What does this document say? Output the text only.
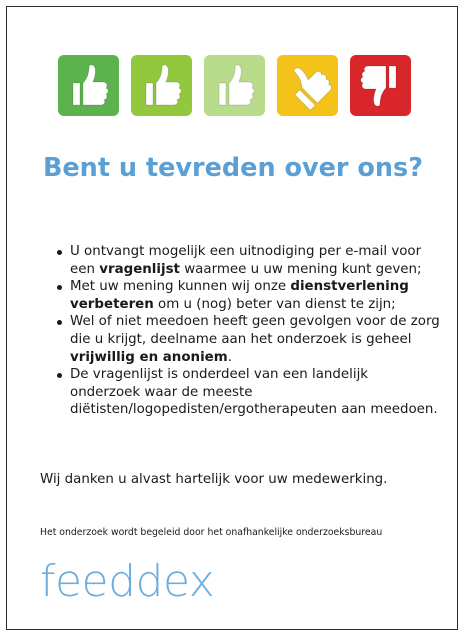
Bent u tevreden over ons?
U ontvangt mogelijk een uitnodiging per e-mail voor een vragenlijst waarmee u uw mening kunt geven;
Met uw mening kunnen wij onze dienstverlening verbeteren om u (nog) beter van dienst te zijn;
Wel of niet meedoen heeft geen gevolgen voor de zorg die u krijgt, deelname aan het onderzoek is geheel vrijwillig en anoniem.
De vragenlijst is onderdeel van een landelijk onderzoek waar de meeste diëtisten/logopedisten/ergotherapeuten aan meedoen.

Wij danken u alvast hartelijk voor uw medewerking.

Het onderzoek wordt begeleid door het onafhankelijke onderzoeksbureau

feeddex
